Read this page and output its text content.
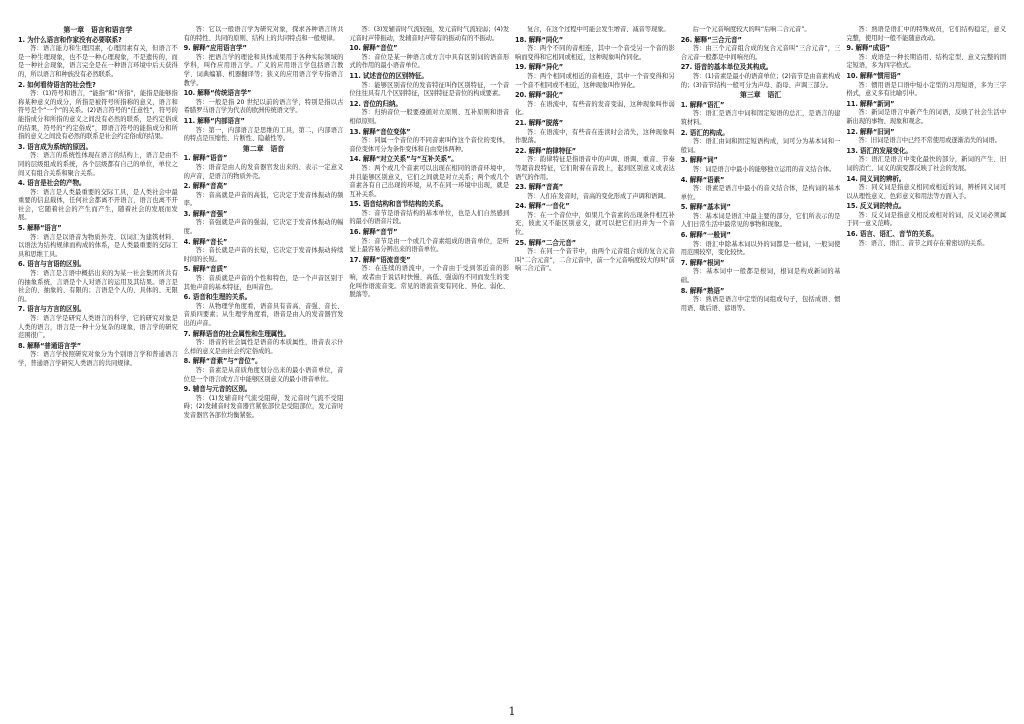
第一章　语言和语言学
1. 为什么语言和作家没有必要联系?
答：语言能力和生理因素，心理因素有关，但语言不是一种生理现象，也不是一种心理现象，不是遗传的，而是一种社会现象，语言完全是在一种语言环境中后天获得的，所以语言和种族没有必然联系。
2. 如何看待语言的社会性?
答：(1)符号和语言，“能指”和“所指”，能指是能够指称某种意义的成分，所指是被符号所指称的意义，语言和符号是个“一个”的关系。(2)语言符号的“任意性”，符号的能指成分和所指的意义之间没有必然的联系，是约定俗成的结果，符号的“约定俗成”，即语言符号的能指成分和所指的意义之间没有必然的联系是社会约定俗成的结果。
3. 语言成为系统的原因。
答：语言的系统性体现在语言的结构上，语言是由不同的层级组成的系统，各个层级都有自己的单位，单位之间又有组合关系和聚合关系。
4. 语言是社会的产物。
答：语言是人类最重要的交际工具，是人类社会中最重要的信息载体，任何社会都离不开语言，语言也离不开社会，它随着社会的产生而产生，随着社会的发展而发展。
5. 解释“语言”
答：语言是以语音为物质外壳、以词汇为建筑材料、以语法为结构规律而构成的体系，是人类最重要的交际工具和思维工具。
6. 语言与言语的区别。
答：语言是言语中概括出来的为某一社会集团所共有的抽象系统，言语是个人对语言的运用及其结果。语言是社会的、抽象的、有限的；言语是个人的、具体的、无限的。
7. 语言与方言的区别。
答：语言学是研究人类语言的科学，它的研究对象是人类的语言，语言是一种十分复杂的现象，语言学的研究范围很广。
8. 解释“普通语言学”
答：语言学按照研究对象分为个别语言学和普通语言学，普通语言学研究人类语言的共同规律。
答：它以一般语言学为研究对象，探求各种语言所共有的特性、共同的原则、结构上的共同特点和一般规律。
9. 解释“应用语言学”
答：把语言学的理论和具体成果用于各种实际领域的学科，叫作应用语言学。广义的应用语言学包括语言教学、词典编纂、机器翻译等；狭义的应用语言学专指语言教学。
10. 解释“传统语言学”
答：一般是指 20 世纪以前的语言学，特别是指以古希腊罗马语言学为代表的欧洲传统语文学。
11. 解释“内部语言”
答：第一，内部语言是思维的工具，第二，内部语言的特点是压缩性、片断性、隐蔽性等。
第二章　语音
1. 解释“语音”
答：语音是由人的发音器官发出来的、表示一定意义的声音，是语言的物质外壳。
2. 解释“音高”
答：音高就是声音的高低，它决定于发音体振动的频率。
3. 解释“音强”
答：音强就是声音的强弱，它决定于发音体振动的幅度。
4. 解释“音长”
答：音长就是声音的长短，它决定于发音体振动持续时间的长短。
5. 解释“音质”
答：音质就是声音的个性和特色，是一个声音区别于其他声音的基本特征，也叫音色。
6. 语音和生理的关系。
答：从物理学角度看，语音具有音高、音强、音长、音质四要素；从生理学角度看，语音是由人的发音器官发出的声音。
7. 解释语音的社会属性和生理属性。
答：语音的社会属性是语音的本质属性，语音表示什么样的意义是由社会约定俗成的。
8. 解释“音素”与“音位”。
答：音素是从音质角度划分出来的最小语音单位，音位是一个语言或方言中能够区别意义的最小语音单位。
9. 辅音与元音的区别。
答：(1)发辅音时气流受阻碍，发元音时气流不受阻碍；(2)发辅音时发音器官紧张部位是受阻部位，发元音时发音器官各部位均衡紧张。
答：(3)发辅音时气流较强，发元音时气流较弱；(4)发元音时声带振动，发辅音时声带有的振动有的不振动。
10. 解释“音位”
答：音位是某一种语言或方言中具有区别词的语音形式的作用的最小语音单位。
11. 试述音位的区别特征。
答：能够区别音位的发音特征叫作区别特征，一个音位往往具有几个区别特征，区别特征是音位的构成要素。
12. 音位的归纳。
答：归纳音位一般要遵循对立原则、互补原则和语音相似原则。
13. 解释“音位变体”
答：同属一个音位的不同音素叫作这个音位的变体，音位变体可分为条件变体和自由变体两种。
14. 解释“对立关系”与“互补关系”。
答：两个或几个音素可以出现在相同的语音环境中，并且能够区别意义，它们之间就是对立关系；两个或几个音素各有自己出现的环境，从不在同一环境中出现，就是互补关系。
15. 语音结构和音节结构的关系。
答：音节是语音结构的基本单位，也是人们自然感到的最小的语音片段。
16. 解释“音节”
答：音节是由一个或几个音素组成的语音单位，是听觉上最容易分辨出来的语音单位。
17. 解释“语流音变”
答：在连续的语流中，一个音由于受到邻近音的影响，或者由于说话时快慢、高低、强弱的不同而发生的变化叫作语流音变。常见的语流音变有同化、异化、弱化、脱落等。
复合，在这个过程中可能会发生增音、减音等现象。
18. 解释“同化”
答：两个不同的音相连，其中一个音受另一个音的影响而变得和它相同或相近，这种现象叫作同化。
19. 解释“异化”
答：两个相同或相近的音相连，其中一个音变得和另一个音不相同或不相近，这种现象叫作异化。
20. 解释“弱化”
答：在语流中，有些音的发音变弱，这种现象叫作弱化。
21. 解释“脱落”
答：在语流中，有些音在连读时会消失，这种现象叫作脱落。
22. 解释“韵律特征”
答：韵律特征是指语音中的声调、语调、重音、节奏等超音段特征，它们附着在音段上，起到区别意义或表达语气的作用。
23. 解释“音高”
答：人们在发音时，音高的变化形成了声调和语调。
24. 解释“一音化”
答：在一个音位中，如果几个音素的出现条件相互补充，彼此又不能区别意义，就可以把它们归并为一个音位。
25. 解释“二合元音”
答：在同一个音节中，由两个元音组合成的复合元音叫“二合元音”，二合元音中，前一个元音响度较大的叫“前响二合元音”。
后一个元音响度较大的叫“后响二合元音”。
26. 解释“三合元音”
答：由三个元音组合成的复合元音叫“三合元音”，三合元音一般都是中间响亮的。
27. 语音的基本单位及其构成。
答：(1)音素是最小的语音单位；(2)音节是由音素构成的；(3)音节结构一般可分为声母、韵母、声调三部分。
第三章　语汇
1. 解释“语汇”
答：语汇是语言中词和固定短语的总汇，是语言的建筑材料。
2. 语汇的构成。
答：语汇由词和固定短语构成，词可分为基本词和一般词。
3. 解释“词”
答：词是语言中最小的能够独立运用的音义结合体。
4. 解释“语素”
答：语素是语言中最小的音义结合体，是构词的基本单位。
5. 解释“基本词”
答：基本词是语汇中最主要的部分，它们所表示的是人们日常生活中最常见的事物和现象。
6. 解释“一般词”
答：语汇中除基本词以外的词都是一般词，一般词使用范围较窄，变化较快。
7. 解释“根词”
答：基本词中一般都是根词，根词是构成新词的基础。
8. 解释“熟语”
答：熟语是语言中定型的词组或句子，包括成语、惯用语、歇后语、谚语等。
答：熟语是语汇中的特殊成员，它们结构稳定，意义完整，使用时一般不能随意改动。
9. 解释“成语”
答：成语是一种长期沿用、结构定型、意义完整的固定短语，多为四字格式。
10. 解释“惯用语”
答：惯用语是口语中短小定型的习用短语，多为三字格式，意义多有比喻引申。
11. 解释“新词”
答：新词是语言中新产生的词语，反映了社会生活中新出现的事物、现象和观念。
12. 解释“旧词”
答：旧词是语言中已经不常使用或逐渐消失的词语。
13. 语汇的发展变化。
答：语汇是语言中变化最快的部分，新词的产生、旧词的消亡、词义的演变都反映了社会的发展。
14. 同义词的辨析。
答：同义词是指意义相同或相近的词，辨析同义词可以从理性意义、色彩意义和用法等方面入手。
15. 反义词的特点。
答：反义词是指意义相反或相对的词，反义词必须属于同一意义范畴。
16. 语言、语汇、音节的关系。
答：语言、语汇、音节之间存在着密切的关系。
1
